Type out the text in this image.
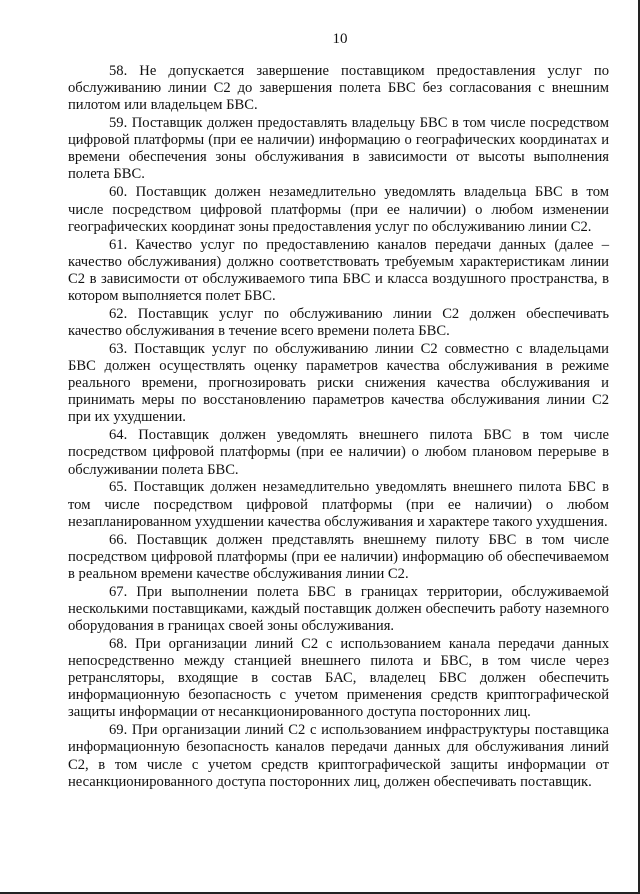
10

58. Не допускается завершение поставщиком предоставления услуг по обслуживанию линии С2 до завершения полета БВС без согласования с внешним пилотом или владельцем БВС.

59. Поставщик должен предоставлять владельцу БВС в том числе посредством цифровой платформы (при ее наличии) информацию о географических координатах и времени обеспечения зоны обслуживания в зависимости от высоты выполнения полета БВС.

60. Поставщик должен незамедлительно уведомлять владельца БВС в том числе посредством цифровой платформы (при ее наличии) о любом изменении географических координат зоны предоставления услуг по обслуживанию линии С2.

61. Качество услуг по предоставлению каналов передачи данных (далее – качество обслуживания) должно соответствовать требуемым характеристикам линии С2 в зависимости от обслуживаемого типа БВС и класса воздушного пространства, в котором выполняется полет БВС.

62. Поставщик услуг по обслуживанию линии С2 должен обеспечивать качество обслуживания в течение всего времени полета БВС.

63. Поставщик услуг по обслуживанию линии С2 совместно с владельцами БВС должен осуществлять оценку параметров качества обслуживания в режиме реального времени, прогнозировать риски снижения качества обслуживания и принимать меры по восстановлению параметров качества обслуживания линии С2 при их ухудшении.

64. Поставщик должен уведомлять внешнего пилота БВС в том числе посредством цифровой платформы (при ее наличии) о любом плановом перерыве в обслуживании полета БВС.

65. Поставщик должен незамедлительно уведомлять внешнего пилота БВС в том числе посредством цифровой платформы (при ее наличии) о любом незапланированном ухудшении качества обслуживания и характере такого ухудшения.

66. Поставщик должен представлять внешнему пилоту БВС в том числе посредством цифровой платформы (при ее наличии) информацию об обеспечиваемом в реальном времени качестве обслуживания линии С2.

67. При выполнении полета БВС в границах территории, обслуживаемой несколькими поставщиками, каждый поставщик должен обеспечить работу наземного оборудования в границах своей зоны обслуживания.

68. При организации линий С2 с использованием канала передачи данных непосредственно между станцией внешнего пилота и БВС, в том числе через ретрансляторы, входящие в состав БАС, владелец БВС должен обеспечить информационную безопасность с учетом применения средств криптографической защиты информации от несанкционированного доступа посторонних лиц.

69. При организации линий С2 с использованием инфраструктуры поставщика информационную безопасность каналов передачи данных для обслуживания линий С2, в том числе с учетом средств криптографической защиты информации от несанкционированного доступа посторонних лиц, должен обеспечивать поставщик.
